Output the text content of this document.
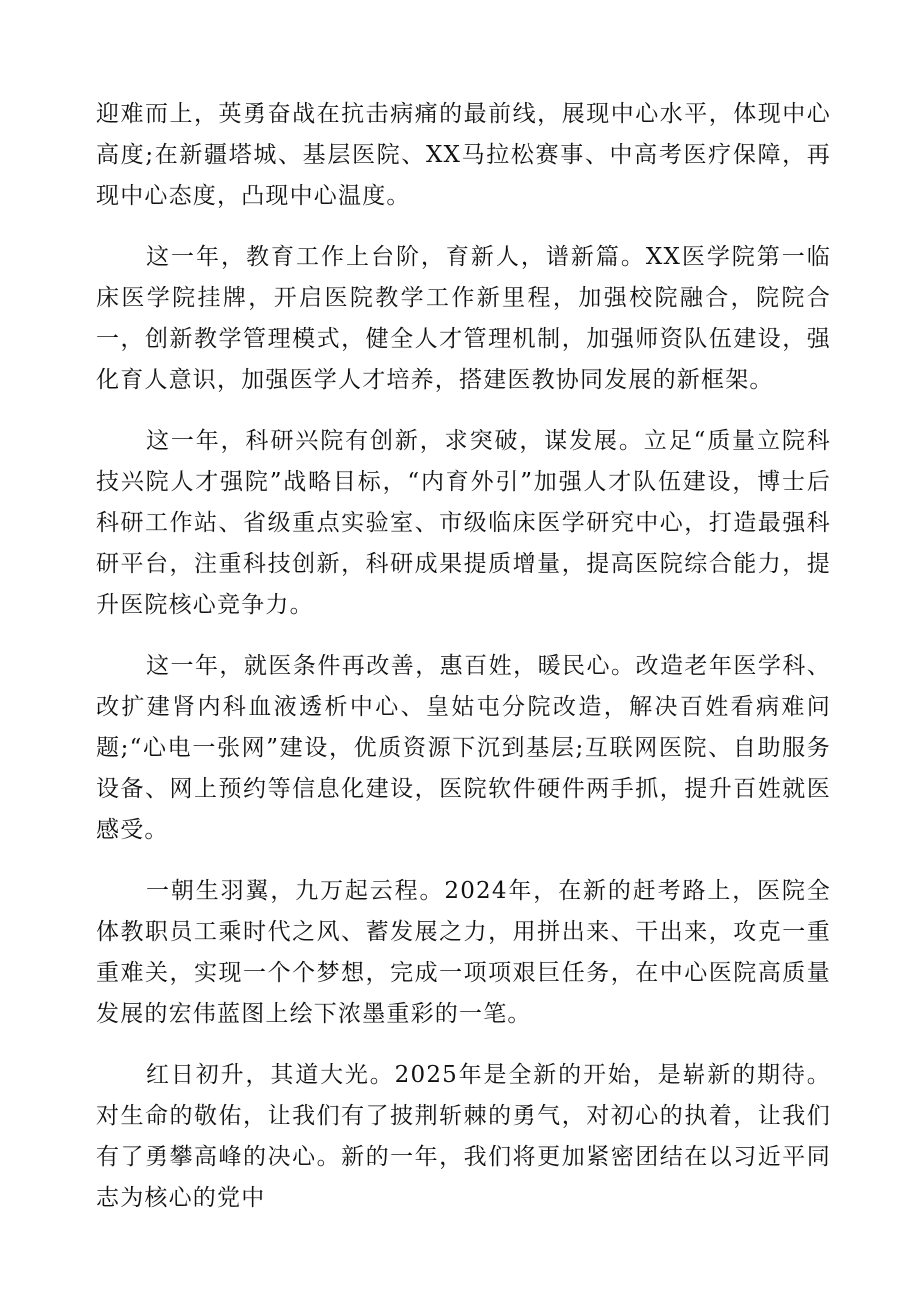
迎难而上，英勇奋战在抗击病痛的最前线，展现中心水平，体现中心高度;在新疆塔城、基层医院、XX马拉松赛事、中高考医疗保障，再现中心态度，凸现中心温度。

这一年，教育工作上台阶，育新人，谱新篇。XX医学院第一临床医学院挂牌，开启医院教学工作新里程，加强校院融合，院院合一，创新教学管理模式，健全人才管理机制，加强师资队伍建设，强化育人意识，加强医学人才培养，搭建医教协同发展的新框架。

这一年，科研兴院有创新，求突破，谋发展。立足“质量立院科技兴院人才强院”战略目标，“内育外引”加强人才队伍建设，博士后科研工作站、省级重点实验室、市级临床医学研究中心，打造最强科研平台，注重科技创新，科研成果提质增量，提高医院综合能力，提升医院核心竞争力。

这一年，就医条件再改善，惠百姓，暖民心。改造老年医学科、改扩建肾内科血液透析中心、皇姑屯分院改造，解决百姓看病难问题;“心电一张网”建设，优质资源下沉到基层;互联网医院、自助服务设备、网上预约等信息化建设，医院软件硬件两手抓，提升百姓就医感受。

一朝生羽翼，九万起云程。2024年，在新的赶考路上，医院全体教职员工乘时代之风、蓄发展之力，用拼出来、干出来，攻克一重重难关，实现一个个梦想，完成一项项艰巨任务，在中心医院高质量发展的宏伟蓝图上绘下浓墨重彩的一笔。

红日初升，其道大光。2025年是全新的开始，是崭新的期待。对生命的敬佑，让我们有了披荆斩棘的勇气，对初心的执着，让我们有了勇攀高峰的决心。新的一年，我们将更加紧密团结在以习近平同志为核心的党中
